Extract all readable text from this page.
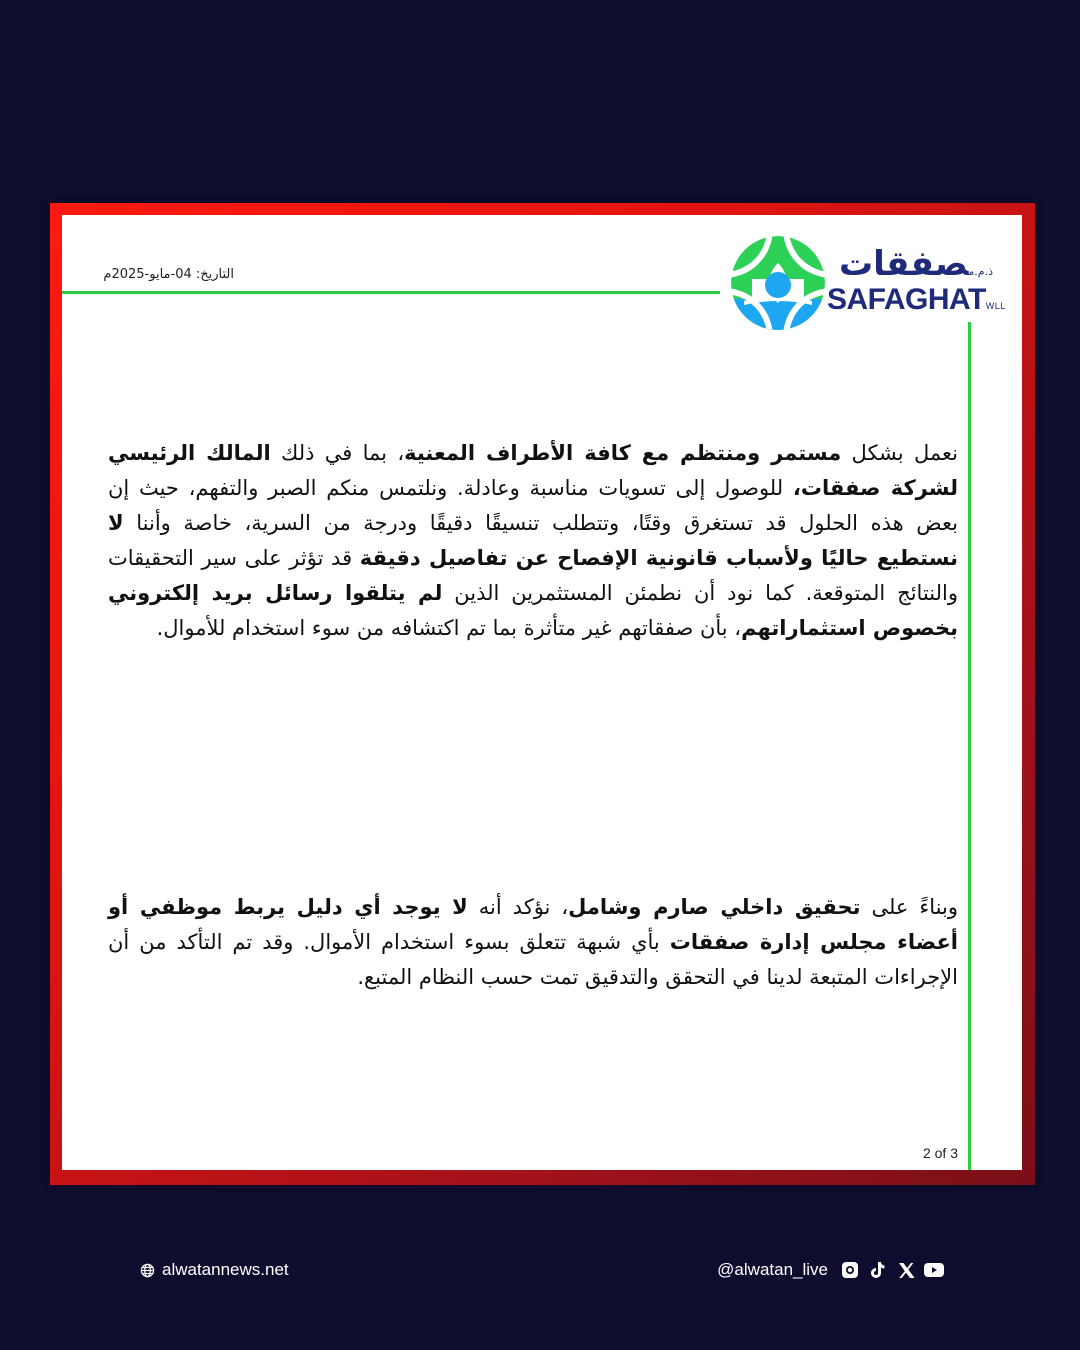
التاريخ: 04-مايو-2025م	ذ.م.مصفقات
SAFAGHATWLL

نعمل بشكل مستمر ومنتظم مع كافة الأطراف المعنية، بما في ذلك المالك الرئيسي لشركة صفقات، للوصول إلى تسويات مناسبة وعادلة. ونلتمس منكم الصبر والتفهم، حيث إن بعض هذه الحلول قد تستغرق وقتًا، وتتطلب تنسيقًا دقيقًا ودرجة من السرية، خاصة وأننا لا نستطيع حاليًا ولأسباب قانونية الإفصاح عن تفاصيل دقيقة قد تؤثر على سير التحقيقات والنتائج المتوقعة. كما نود أن نطمئن المستثمرين الذين لم يتلقوا رسائل بريد إلكتروني بخصوص استثماراتهم، بأن صفقاتهم غير متأثرة بما تم اكتشافه من سوء استخدام للأموال.

وبناءً على تحقيق داخلي صارم وشامل، نؤكد أنه لا يوجد أي دليل يربط موظفي أو أعضاء مجلس إدارة صفقات بأي شبهة تتعلق بسوء استخدام الأموال. وقد تم التأكد من أن الإجراءات المتبعة لدينا في التحقق والتدقيق تمت حسب النظام المتبع.

2 of 3
alwatannews.net	@alwatan_live
